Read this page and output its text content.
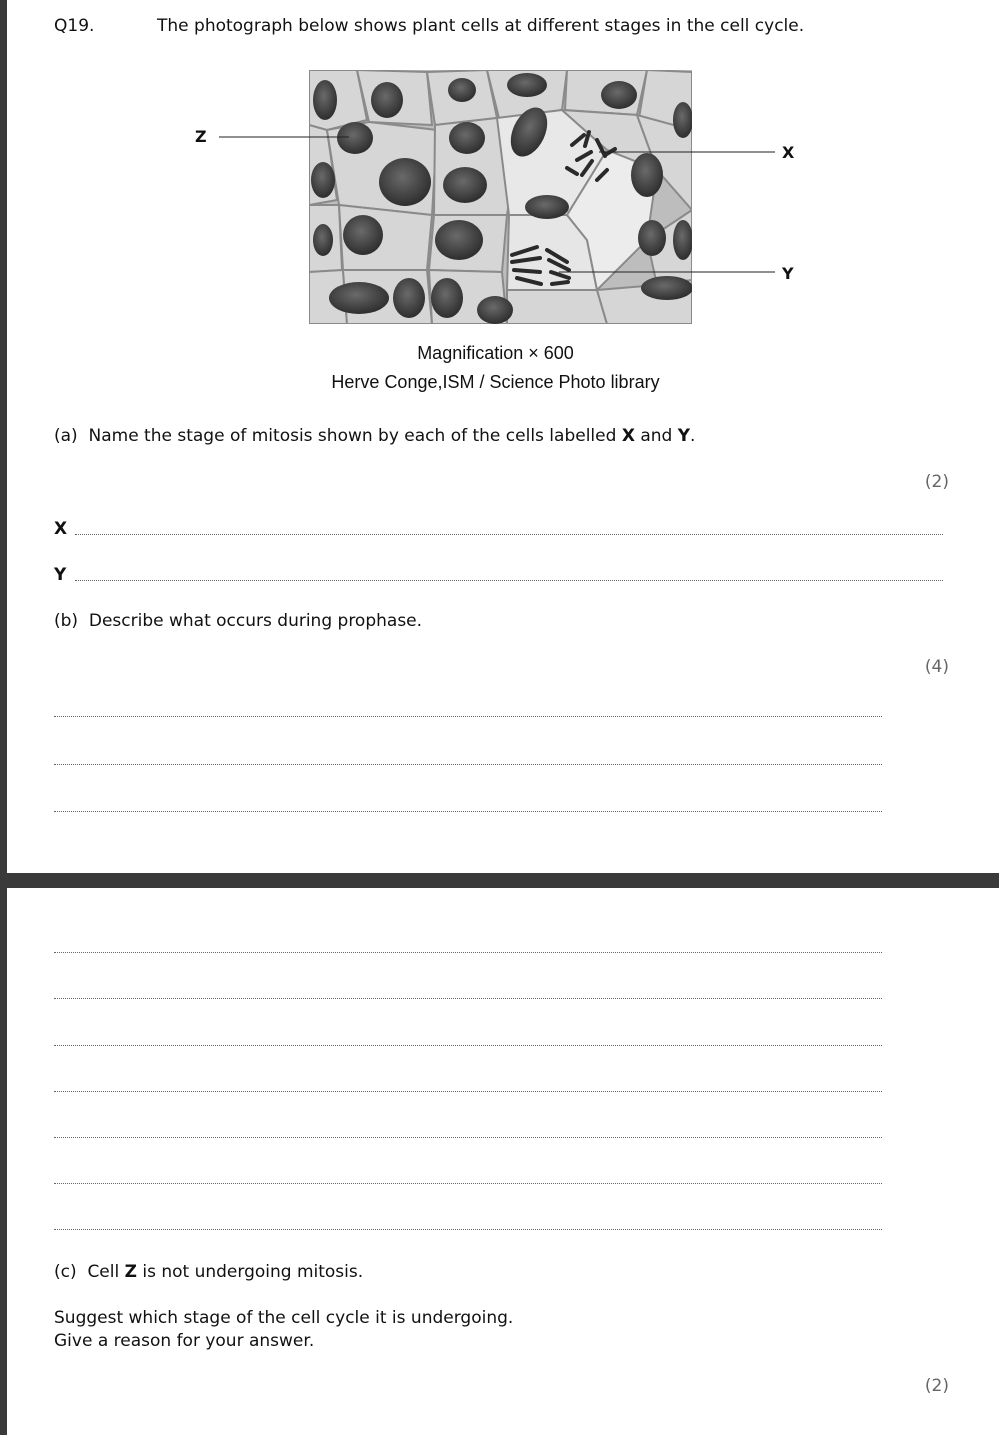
Q19.	The photograph below shows plant cells at different stages in the cell cycle.
Z
X
Y
Magnification × 600
Herve Conge,ISM / Science Photo library
(a) Name the stage of mitosis shown by each of the cells labelled X and Y.
(2)
X
Y
(b) Describe what occurs during prophase.
(4)
(c) Cell Z is not undergoing mitosis.
Suggest which stage of the cell cycle it is undergoing.
Give a reason for your answer.
(2)
